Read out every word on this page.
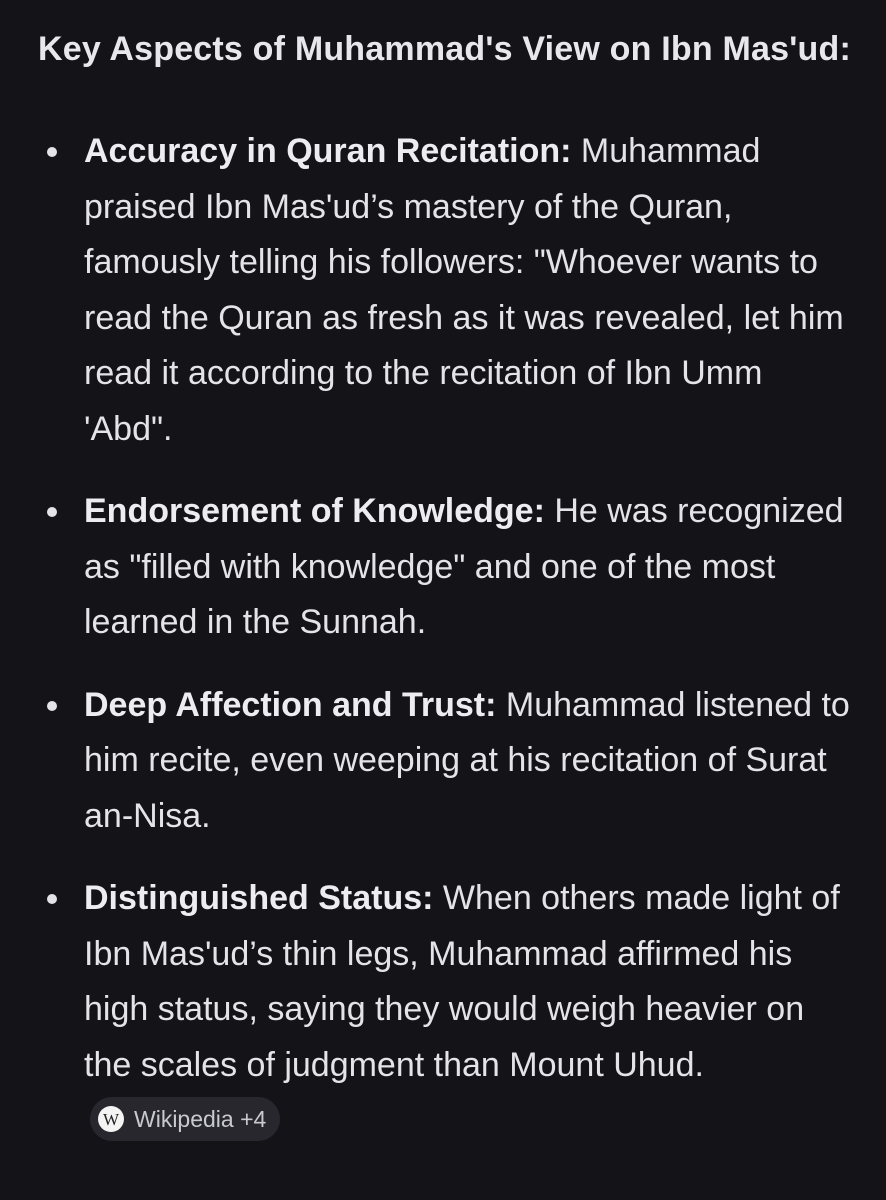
Key Aspects of Muhammad's View on Ibn Mas'ud:
Accuracy in Quran Recitation: Muhammad praised Ibn Mas'ud’s mastery of the Quran, famously telling his followers: "Whoever wants to read the Quran as fresh as it was revealed, let him read it according to the recitation of Ibn Umm 'Abd".
Endorsement of Knowledge: He was recognized as "filled with knowledge" and one of the most learned in the Sunnah.
Deep Affection and Trust: Muhammad listened to him recite, even weeping at his recitation of Surat an-Nisa.
Distinguished Status: When others made light of Ibn Mas'ud’s thin legs, Muhammad affirmed his high status, saying they would weigh heavier on the scales of judgment than Mount Uhud.
W Wikipedia +4
